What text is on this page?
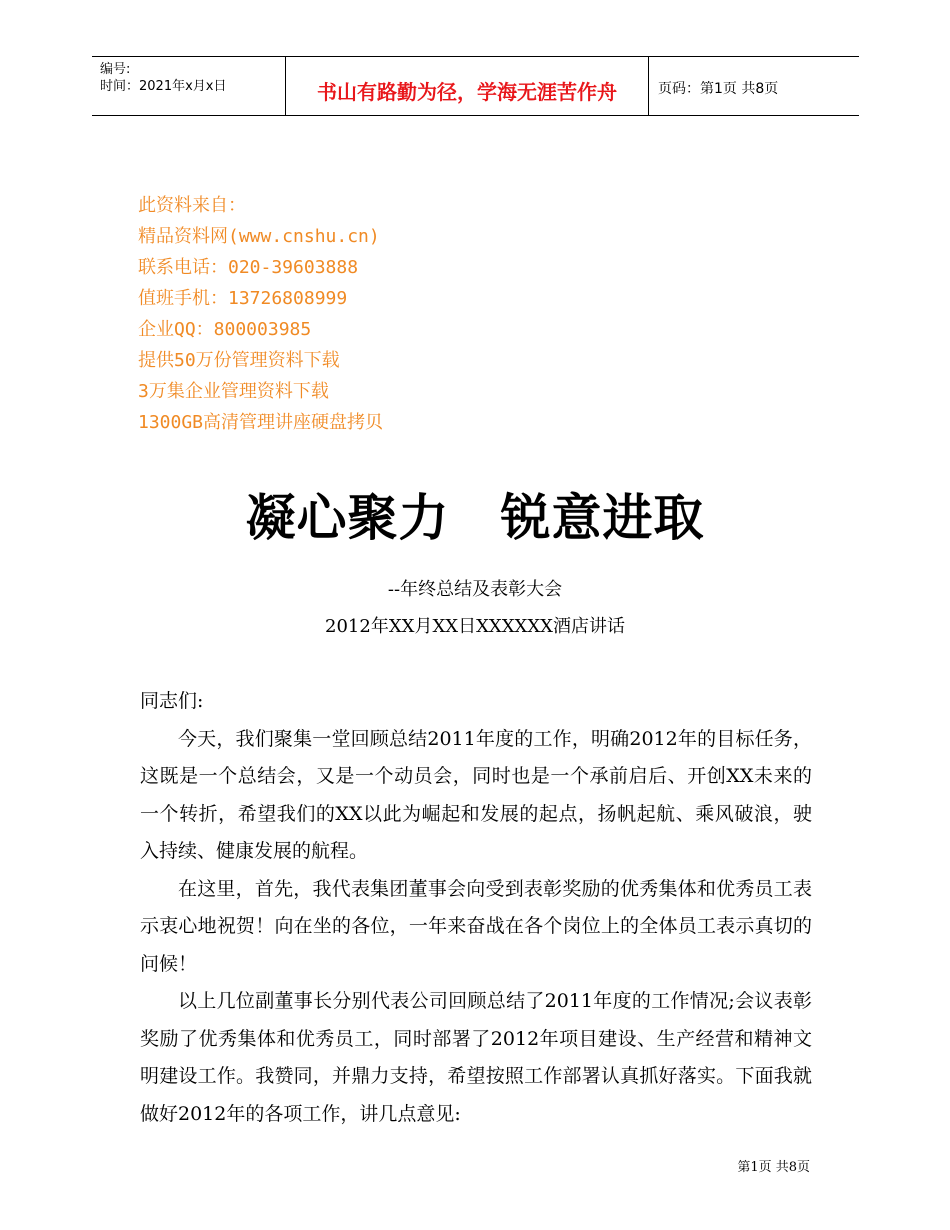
编号:
时间：2021年x月x日	书山有路勤为径，学海无涯苦作舟	页码：第1页 共8页
此资料来自：
精品资料网(www.cnshu.cn)
联系电话：020-39603888
值班手机：13726808999
企业QQ：800003985
提供50万份管理资料下载
3万集企业管理资料下载
1300GB高清管理讲座硬盘拷贝
凝心聚力　锐意进取
--年终总结及表彰大会
2012年XX月XX日XXXXXX酒店讲话

同志们:

今天，我们聚集一堂回顾总结2011年度的工作，明确2012年的目标任务，这既是一个总结会，又是一个动员会，同时也是一个承前启后、开创XX未来的一个转折，希望我们的XX以此为崛起和发展的起点，扬帆起航、乘风破浪，驶入持续、健康发展的航程。

在这里，首先，我代表集团董事会向受到表彰奖励的优秀集体和优秀员工表示衷心地祝贺！向在坐的各位，一年来奋战在各个岗位上的全体员工表示真切的问候！

以上几位副董事长分别代表公司回顾总结了2011年度的工作情况;会议表彰奖励了优秀集体和优秀员工，同时部署了2012年项目建设、生产经营和精神文明建设工作。我赞同，并鼎力支持，希望按照工作部署认真抓好落实。下面我就做好2012年的各项工作，讲几点意见:

第1页 共8页
